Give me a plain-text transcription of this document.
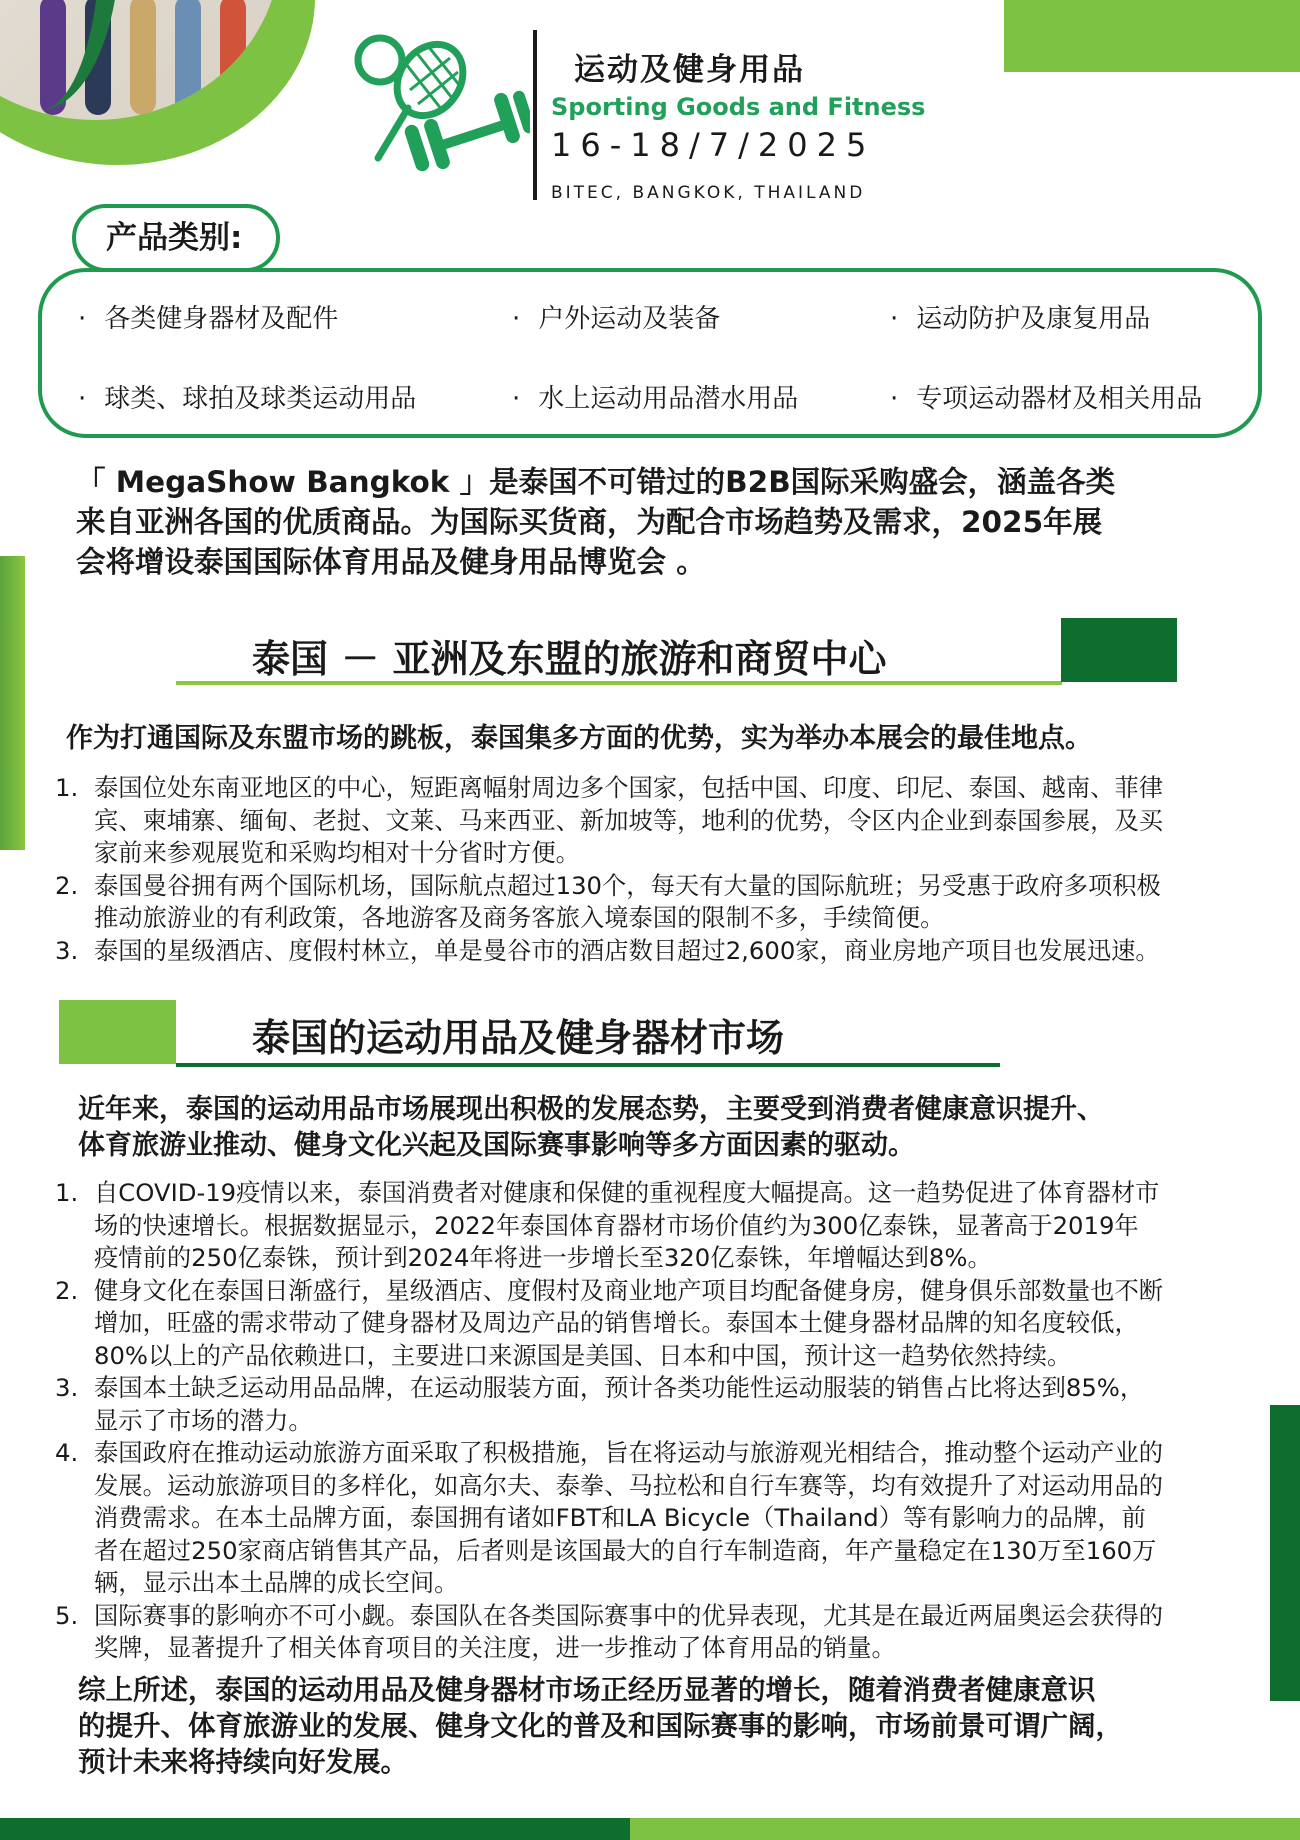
运动及健身用品
Sporting Goods and Fitness
16-18/7/2025
BITEC, BANGKOK, THAILAND
产品类别:
· 各类健身器材及配件	· 户外运动及装备	· 运动防护及康复用品
· 球类、球拍及球类运动用品	· 水上运动用品潜水用品	· 专项运动器材及相关用品
「 MegaShow Bangkok 」是泰国不可错过的B2B国际采购盛会，涵盖各类
来自亚洲各国的优质商品。为国际买货商，为配合市场趋势及需求，2025年展
会将增设泰国国际体育用品及健身用品博览会 。
泰国 － 亚洲及东盟的旅游和商贸中心
作为打通国际及东盟市场的跳板，泰国集多方面的优势，实为举办本展会的最佳地点。
1. 泰国位处东南亚地区的中心，短距离幅射周边多个国家，包括中国、印度、印尼、泰国、越南、菲律
宾、柬埔寨、缅甸、老挝、文莱、马来西亚、新加坡等，地利的优势，令区内企业到泰国参展，及买
家前来参观展览和采购均相对十分省时方便。
2. 泰国曼谷拥有两个国际机场，国际航点超过130个，每天有大量的国际航班；另受惠于政府多项积极
推动旅游业的有利政策，各地游客及商务客旅入境泰国的限制不多，手续简便。
3. 泰国的星级酒店、度假村林立，单是曼谷市的酒店数目超过2,600家，商业房地产项目也发展迅速。
泰国的运动用品及健身器材市场
近年来，泰国的运动用品市场展现出积极的发展态势，主要受到消费者健康意识提升、
体育旅游业推动、健身文化兴起及国际赛事影响等多方面因素的驱动。
1. 自COVID-19疫情以来，泰国消费者对健康和保健的重视程度大幅提高。这一趋势促进了体育器材市
场的快速增长。根据数据显示，2022年泰国体育器材市场价值约为300亿泰铢，显著高于2019年
疫情前的250亿泰铢，预计到2024年将进一步增长至320亿泰铢，年增幅达到8%。
2. 健身文化在泰国日渐盛行，星级酒店、度假村及商业地产项目均配备健身房，健身俱乐部数量也不断
增加，旺盛的需求带动了健身器材及周边产品的销售增长。泰国本土健身器材品牌的知名度较低，
80%以上的产品依赖进口，主要进口来源国是美国、日本和中国，预计这一趋势依然持续。
3. 泰国本土缺乏运动用品品牌，在运动服装方面，预计各类功能性运动服装的销售占比将达到85%，
显示了市场的潜力。
4. 泰国政府在推动运动旅游方面采取了积极措施，旨在将运动与旅游观光相结合，推动整个运动产业的
发展。运动旅游项目的多样化，如高尔夫、泰拳、马拉松和自行车赛等，均有效提升了对运动用品的
消费需求。在本土品牌方面，泰国拥有诸如FBT和LA Bicycle（Thailand）等有影响力的品牌，前
者在超过250家商店销售其产品，后者则是该国最大的自行车制造商，年产量稳定在130万至160万
辆，显示出本土品牌的成长空间。
5. 国际赛事的影响亦不可小觑。泰国队在各类国际赛事中的优异表现，尤其是在最近两届奥运会获得的
奖牌，显著提升了相关体育项目的关注度，进一步推动了体育用品的销量。
综上所述，泰国的运动用品及健身器材市场正经历显著的增长，随着消费者健康意识
的提升、体育旅游业的发展、健身文化的普及和国际赛事的影响，市场前景可谓广阔，
预计未来将持续向好发展。
